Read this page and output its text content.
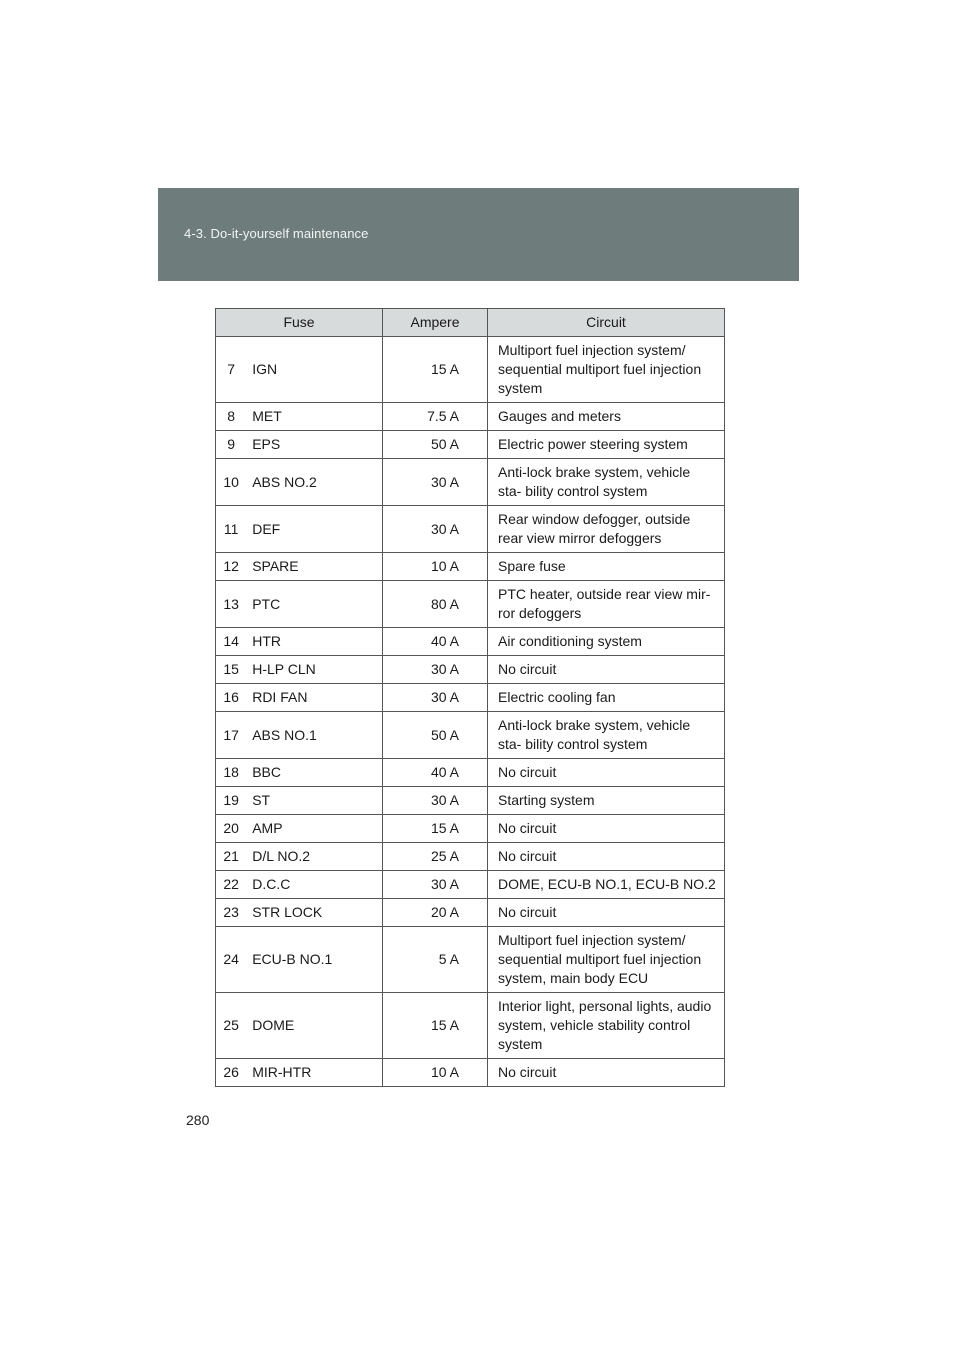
4-3. Do-it-yourself maintenance
Fuse		Ampere	Circuit
7	IGN	15 A	Multiport fuel injection system/ sequential multiport fuel injection system
8	MET	7.5 A	Gauges and meters
9	EPS	50 A	Electric power steering system
10	ABS NO.2	30 A	Anti-lock brake system, vehicle sta- bility control system
11	DEF	30 A	Rear window defogger, outside rear view mirror defoggers
12	SPARE	10 A	Spare fuse
13	PTC	80 A	PTC heater, outside rear view mir- ror defoggers
14	HTR	40 A	Air conditioning system
15	H-LP CLN	30 A	No circuit
16	RDI FAN	30 A	Electric cooling fan
17	ABS NO.1	50 A	Anti-lock brake system, vehicle sta- bility control system
18	BBC	40 A	No circuit
19	ST	30 A	Starting system
20	AMP	15 A	No circuit
21	D/L NO.2	25 A	No circuit
22	D.C.C	30 A	DOME, ECU-B NO.1, ECU-B NO.2
23	STR LOCK	20 A	No circuit
24	ECU-B NO.1	5 A	Multiport fuel injection system/ sequential multiport fuel injection system, main body ECU
25	DOME	15 A	Interior light, personal lights, audio system, vehicle stability control system
26	MIR-HTR	10 A	No circuit
280
